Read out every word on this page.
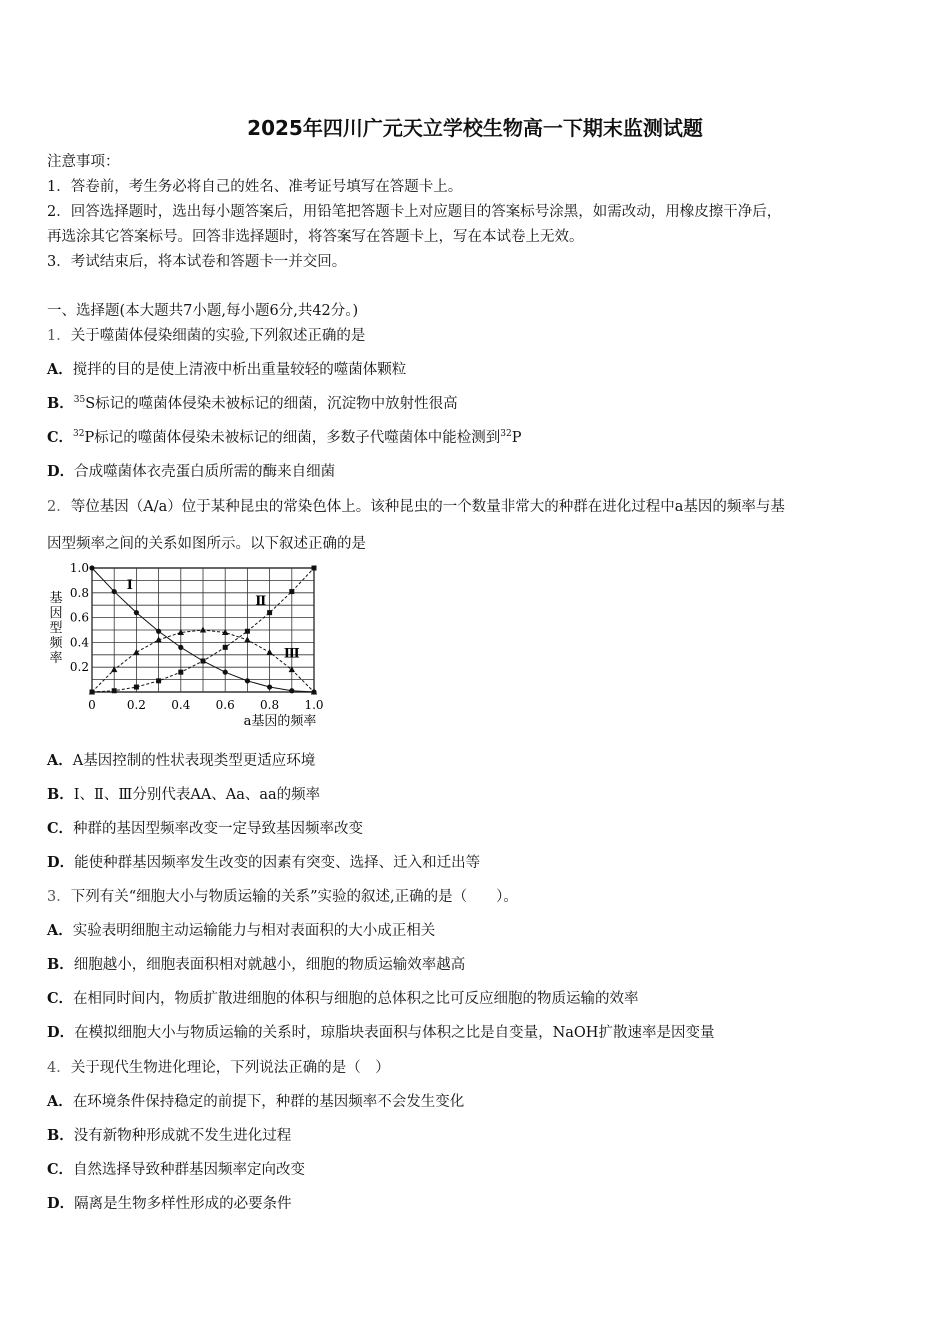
2025年四川广元天立学校生物高一下期末监测试题
注意事项：
1．答卷前，考生务必将自己的姓名、准考证号填写在答题卡上。
2．回答选择题时，选出每小题答案后，用铅笔把答题卡上对应题目的答案标号涂黑，如需改动，用橡皮擦干净后，
再选涂其它答案标号。回答非选择题时，将答案写在答题卡上，写在本试卷上无效。
3．考试结束后，将本试卷和答题卡一并交回。
一、选择题(本大题共7小题,每小题6分,共42分。)
1．关于噬菌体侵染细菌的实验,下列叙述正确的是
A．搅拌的目的是使上清液中析出重量较轻的噬菌体颗粒
B．$^{35}$S标记的噬菌体侵染未被标记的细菌，沉淀物中放射性很高
C．$^{32}$P标记的噬菌体侵染未被标记的细菌，多数子代噬菌体中能检测到$^{32}$P
D．合成噬菌体衣壳蛋白质所需的酶来自细菌
2．等位基因（A/a）位于某种昆虫的常染色体上。该种昆虫的一个数量非常大的种群在进化过程中a基因的频率与基
因型频率之间的关系如图所示。以下叙述正确的是
Ⅰ
Ⅱ
Ⅲ
0	0.2 0.4 0.6 0.8 1.0
0.2
0.4
0.6
0.8
1.0
基因型频率
a基因的频率
A．A基因控制的性状表现类型更适应环境
B．Ⅰ、Ⅱ、Ⅲ分别代表AA、Aa、aa的频率
C．种群的基因型频率改变一定导致基因频率改变
D．能使种群基因频率发生改变的因素有突变、选择、迁入和迁出等
3．下列有关“细胞大小与物质运输的关系”实验的叙述,正确的是（　　）。
A．实验表明细胞主动运输能力与相对表面积的大小成正相关
B．细胞越小，细胞表面积相对就越小，细胞的物质运输效率越高
C．在相同时间内，物质扩散进细胞的体积与细胞的总体积之比可反应细胞的物质运输的效率
D．在模拟细胞大小与物质运输的关系时，琼脂块表面积与体积之比是自变量，NaOH扩散速率是因变量
4．关于现代生物进化理论，下列说法正确的是（　）
A．在环境条件保持稳定的前提下，种群的基因频率不会发生变化
B．没有新物种形成就不发生进化过程
C．自然选择导致种群基因频率定向改变
D．隔离是生物多样性形成的必要条件
